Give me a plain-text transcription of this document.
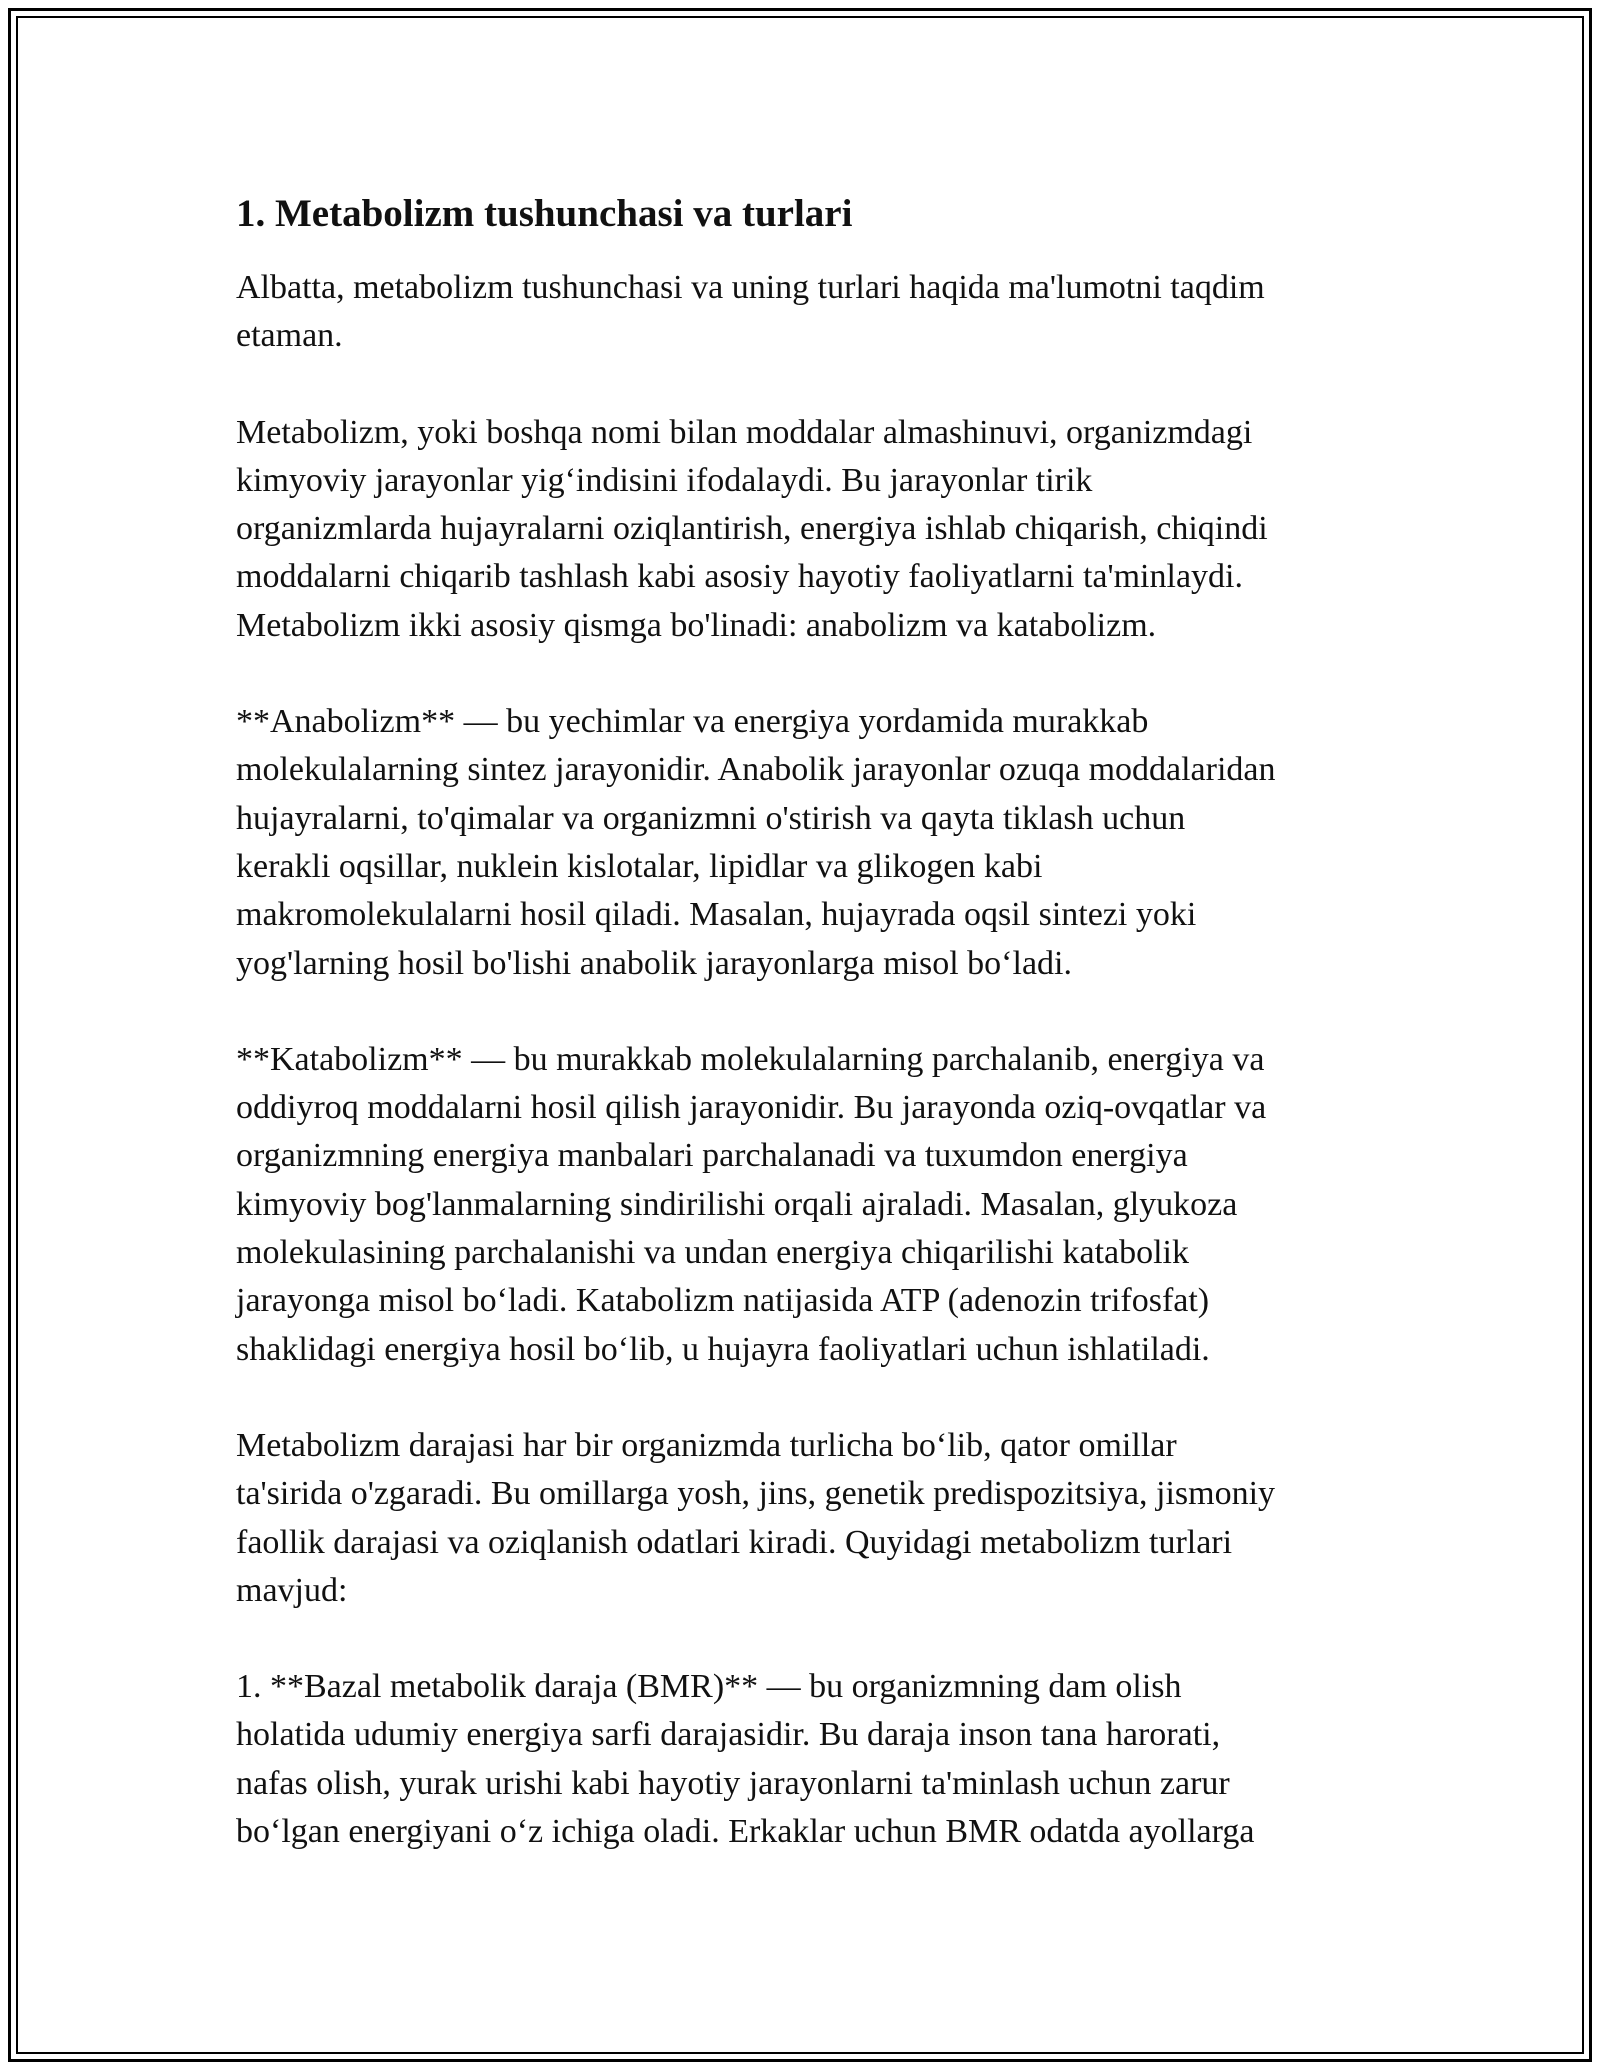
1. Metabolizm tushunchasi va turlari

Albatta, metabolizm tushunchasi va uning turlari haqida ma'lumotni taqdim
etaman.

Metabolizm, yoki boshqa nomi bilan moddalar almashinuvi, organizmdagi
kimyoviy jarayonlar yig‘indisini ifodalaydi. Bu jarayonlar tirik
organizmlarda hujayralarni oziqlantirish, energiya ishlab chiqarish, chiqindi
moddalarni chiqarib tashlash kabi asosiy hayotiy faoliyatlarni ta'minlaydi.
Metabolizm ikki asosiy qismga bo'linadi: anabolizm va katabolizm.

**Anabolizm** — bu yechimlar va energiya yordamida murakkab
molekulalarning sintez jarayonidir. Anabolik jarayonlar ozuqa moddalaridan
hujayralarni, to'qimalar va organizmni o'stirish va qayta tiklash uchun
kerakli oqsillar, nuklein kislotalar, lipidlar va glikogen kabi
makromolekulalarni hosil qiladi. Masalan, hujayrada oqsil sintezi yoki
yog'larning hosil bo'lishi anabolik jarayonlarga misol bo‘ladi.

**Katabolizm** — bu murakkab molekulalarning parchalanib, energiya va
oddiyroq moddalarni hosil qilish jarayonidir. Bu jarayonda oziq-ovqatlar va
organizmning energiya manbalari parchalanadi va tuxumdon energiya
kimyoviy bog'lanmalarning sindirilishi orqali ajraladi. Masalan, glyukoza
molekulasining parchalanishi va undan energiya chiqarilishi katabolik
jarayonga misol bo‘ladi. Katabolizm natijasida ATP (adenozin trifosfat)
shaklidagi energiya hosil bo‘lib, u hujayra faoliyatlari uchun ishlatiladi.

Metabolizm darajasi har bir organizmda turlicha bo‘lib, qator omillar
ta'sirida o'zgaradi. Bu omillarga yosh, jins, genetik predispozitsiya, jismoniy
faollik darajasi va oziqlanish odatlari kiradi. Quyidagi metabolizm turlari
mavjud:

1. **Bazal metabolik daraja (BMR)** — bu organizmning dam olish
holatida udumiy energiya sarfi darajasidir. Bu daraja inson tana harorati,
nafas olish, yurak urishi kabi hayotiy jarayonlarni ta'minlash uchun zarur
bo‘lgan energiyani o‘z ichiga oladi. Erkaklar uchun BMR odatda ayollarga
